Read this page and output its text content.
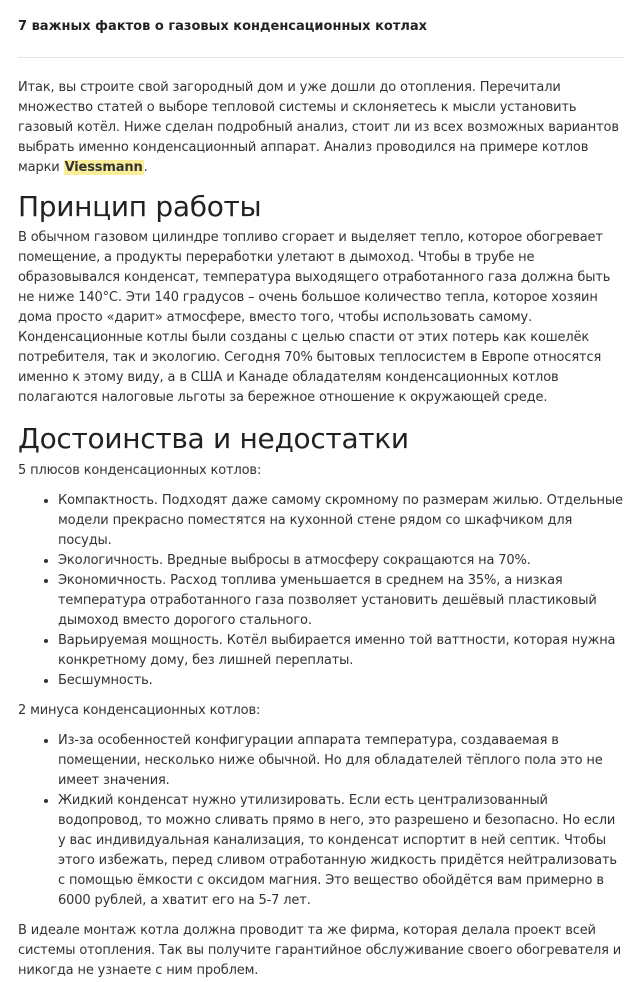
7 важных фактов о газовых конденсационных котлах

Итак, вы строите свой загородный дом и уже дошли до отопления. Перечитали множество статей о выборе тепловой системы и склоняетесь к мысли установить газовый котёл. Ниже сделан подробный анализ, стоит ли из всех возможных вариантов выбрать именно конденсационный аппарат. Анализ проводился на примере котлов марки Viessmann.

Принцип работы

В обычном газовом цилиндре топливо сгорает и выделяет тепло, которое обогревает помещение, а продукты переработки улетают в дымоход. Чтобы в трубе не образовывался конденсат, температура выходящего отработанного газа должна быть не ниже 140°С. Эти 140 градусов – очень большое количество тепла, которое хозяин дома просто «дарит» атмосфере, вместо того, чтобы использовать самому. Конденсационные котлы были созданы с целью спасти от этих потерь как кошелёк потребителя, так и экологию. Сегодня 70% бытовых теплосистем в Европе относятся именно к этому виду, а в США и Канаде обладателям конденсационных котлов полагаются налоговые льготы за бережное отношение к окружающей среде.

Достоинства и недостатки

5 плюсов конденсационных котлов:

• Компактность. Подходят даже самому скромному по размерам жилью. Отдельные модели прекрасно поместятся на кухонной стене рядом со шкафчиком для посуды.
• Экологичность. Вредные выбросы в атмосферу сокращаются на 70%.
• Экономичность. Расход топлива уменьшается в среднем на 35%, а низкая температура отработанного газа позволяет установить дешёвый пластиковый дымоход вместо дорогого стального.
• Варьируемая мощность. Котёл выбирается именно той ваттности, которая нужна конкретному дому, без лишней переплаты.
• Бесшумность.

2 минуса конденсационных котлов:

• Из-за особенностей конфигурации аппарата температура, создаваемая в помещении, несколько ниже обычной. Но для обладателей тёплого пола это не имеет значения.
• Жидкий конденсат нужно утилизировать. Если есть централизованный водопровод, то можно сливать прямо в него, это разрешено и безопасно. Но если у вас индивидуальная канализация, то конденсат испортит в ней септик. Чтобы этого избежать, перед сливом отработанную жидкость придётся нейтрализовать с помощью ёмкости с оксидом магния. Это вещество обойдётся вам примерно в 6000 рублей, а хватит его на 5-7 лет.

В идеале монтаж котла должна проводит та же фирма, которая делала проект всей системы отопления. Так вы получите гарантийное обслуживание своего обогревателя и никогда не узнаете с ним проблем.
